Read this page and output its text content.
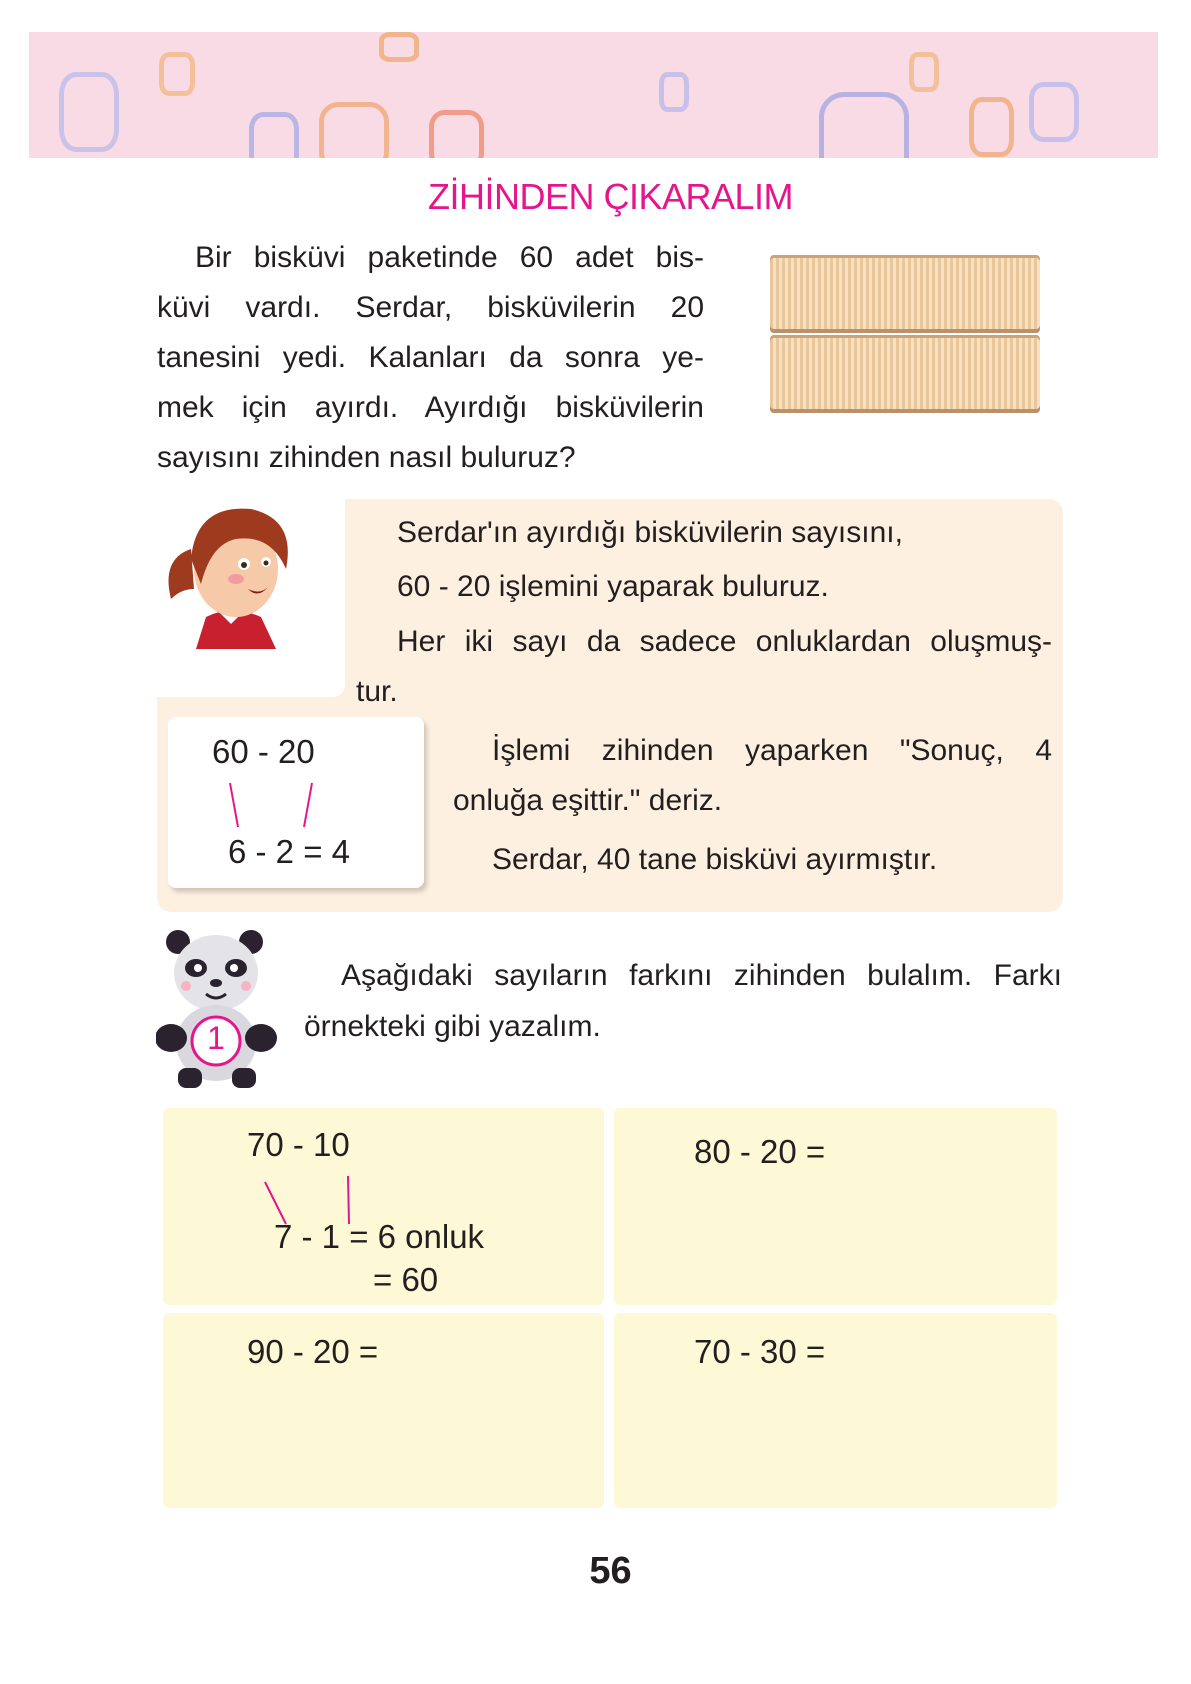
ZİHİNDEN ÇIKARALIM
Bir bisküvi paketinde 60 adet bis-
küvi vardı. Serdar, bisküvilerin 20
tanesini yedi. Kalanları da sonra ye-
mek için ayırdı. Ayırdığı bisküvilerin
sayısını zihinden nasıl buluruz?
Serdar'ın ayırdığı bisküvilerin sayısını,
60 - 20 işlemini yaparak buluruz.
Her iki sayı da sadece onluklardan oluşmuş-
tur.
60 - 20
6 - 2 = 4
İşlemi zihinden yaparken "Sonuç, 4
onluğa eşittir." deriz.
Serdar, 40 tane bisküvi ayırmıştır.
1
Aşağıdaki sayıların farkını zihinden bulalım. Farkı
örnekteki gibi yazalım.
70 - 10
7 - 1 = 6 onluk
= 60
80 - 20 =
90 - 20 =	70 - 30 =
56
